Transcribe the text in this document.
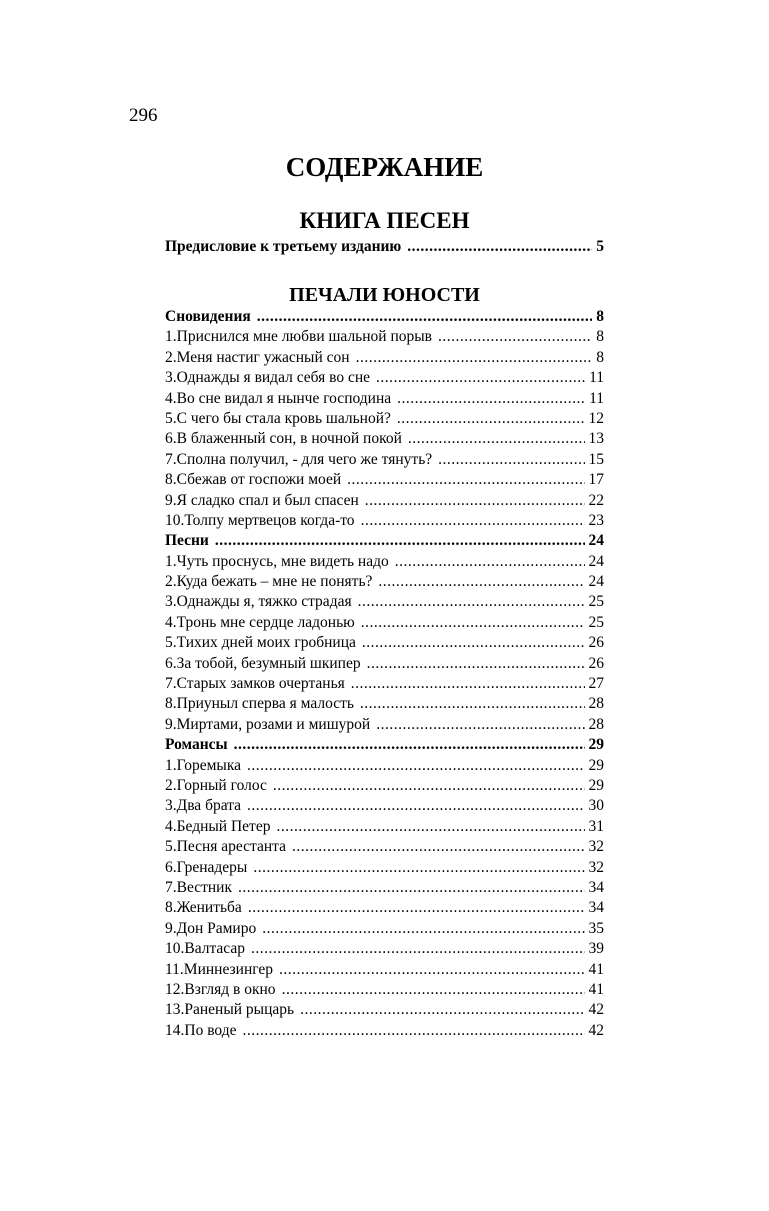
296
СОДЕРЖАНИЕ
КНИГА ПЕСЕН
Предисловие к третьему изданию .....	5
ПЕЧАЛИ ЮНОСТИ
Сновидения .....	8
1.Приснился мне любви шальной порыв .....	8
2.Меня настиг ужасный сон .....	8
3.Однажды я видал себя во сне .....	11
4.Во сне видал я нынче господина .....	11
5.С чего бы стала кровь шальной? .....	12
6.В блаженный сон, в ночной покой .....	13
7.Сполна получил, - для чего же тянуть? .....	15
8.Сбежав от госпожи моей .....	17
9.Я сладко спал и был спасен .....	22
10.Толпу мертвецов когда-то .....	23
Песни .....	24
1.Чуть проснусь, мне видеть надо .....	24
2.Куда бежать – мне не понять? .....	24
3.Однажды я, тяжко страдая .....	25
4.Тронь мне сердце ладонью .....	25
5.Тихих дней моих гробница .....	26
6.За тобой, безумный шкипер .....	26
7.Старых замков очертанья .....	27
8.Приуныл сперва я малость .....	28
9.Миртами, розами и мишурой .....	28
Романсы .....	29
1.Горемыка .....	29
2.Горный голос .....	29
3.Два брата .....	30
4.Бедный Петер .....	31
5.Песня арестанта .....	32
6.Гренадеры .....	32
7.Вестник .....	34
8.Женитьба .....	34
9.Дон Рамиро .....	35
10.Валтасар .....	39
11.Миннезингер .....	41
12.Взгляд в окно .....	41
13.Раненый рыцарь .....	42
14.По воде .....	42
